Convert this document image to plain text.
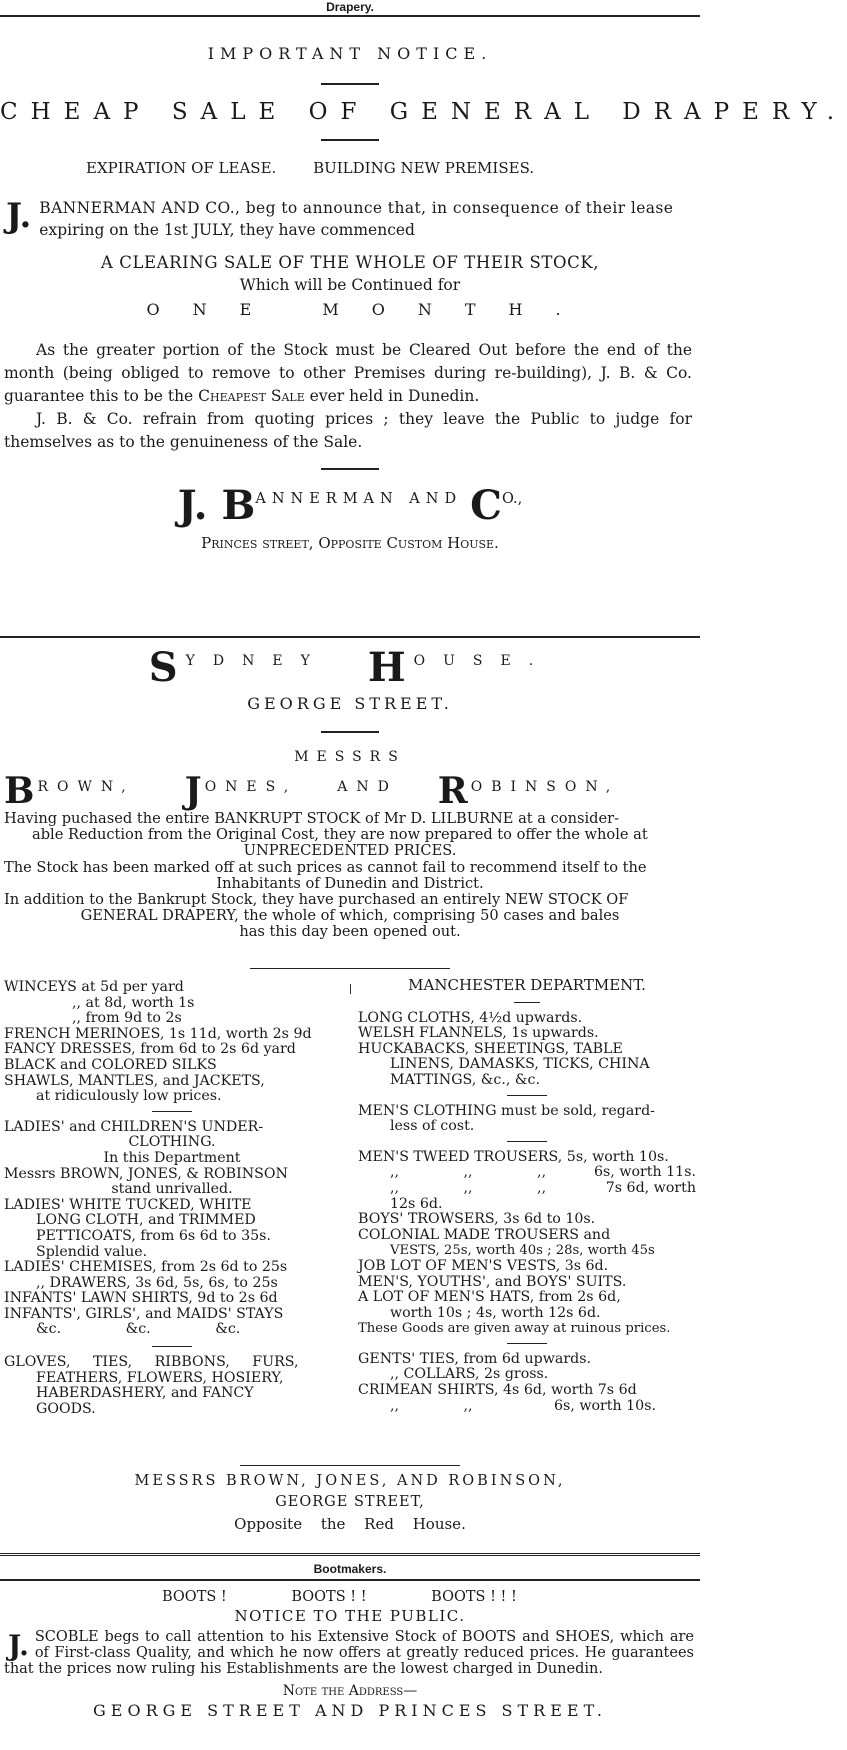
Drapery.
IMPORTANT NOTICE.
CHEAP SALE OF GENERAL DRAPERY.
EXPIRATION OF LEASE. BUILDING NEW PREMISES.
J. BANNERMAN AND CO., beg to announce that, in consequence of their lease
expiring on the 1st JULY, they have commenced
A CLEARING SALE OF THE WHOLE OF THEIR STOCK,
Which will be Continued for
ONE MONTH.

As the greater portion of the Stock must be Cleared Out before the end of the month (being obliged to remove to other Premises during re-building), J. B. & Co. guarantee this to be the Cheapest Sale ever held in Dunedin.

J. B. & Co. refrain from quoting prices ; they leave the Public to judge for themselves as to the genuineness of the Sale.

J. BANNERMAN AND CO.,
Princes street, Opposite Custom House.
SYDNEY H OUSE.
GEORGE STREET.
MESSRS
BROWN, J ONES,	AND R OBINSON,
Having puchased the entire BANKRUPT STOCK of Mr D. LILBURNE at a consider-
able Reduction from the Original Cost, they are now prepared to offer the whole at
UNPRECEDENTED PRICES.
The Stock has been marked off at such prices as cannot fail to recommend itself to the
Inhabitants of Dunedin and District.
In addition to the Bankrupt Stock, they have purchased an entirely NEW STOCK OF
GENERAL DRAPERY, the whole of which, comprising 50 cases and bales
has this day been opened out.

WINCEYS at 5d per yard

,, at 8d, worth 1s

,, from 9d to 2s

FRENCH MERINOES, 1s 11d, worth 2s 9d

FANCY DRESSES, from 6d to 2s 6d yard

BLACK and COLORED SILKS

SHAWLS, MANTLES, and JACKETS,

at ridiculously low prices.

LADIES' and CHILDREN'S UNDER-

CLOTHING.

In this Department

Messrs BROWN, JONES, & ROBINSON

stand unrivalled.

LADIES' WHITE TUCKED, WHITE

LONG CLOTH, and TRIMMED

PETTICOATS, from 6s 6d to 35s.

Splendid value.

LADIES' CHEMISES, from 2s 6d to 25s

,, DRAWERS, 3s 6d, 5s, 6s, to 25s

INFANTS' LAWN SHIRTS, 9d to 2s 6d

INFANTS', GIRLS', and MAIDS' STAYS

&c. &c. &c.

GLOVES, TIES, RIBBONS, FURS,

FEATHERS, FLOWERS, HOSIERY,

HABERDASHERY, and FANCY

GOODS.

MANCHESTER DEPARTMENT.

LONG CLOTHS, 4½d upwards.

WELSH FLANNELS, 1s upwards.

HUCKABACKS, SHEETINGS, TABLE

LINENS, DAMASKS, TICKS, CHINA

MATTINGS, &c., &c.

MEN'S CLOTHING must be sold, regard-

less of cost.

MEN'S TWEED TROUSERS, 5s, worth 10s.

,, ,, ,,	6s, worth 11s.

,, ,, ,,	7s 6d, worth

12s 6d.

BOYS' TROWSERS, 3s 6d to 10s.

COLONIAL MADE TROUSERS and

VESTS, 25s, worth 40s ; 28s, worth 45s

JOB LOT OF MEN'S VESTS, 3s 6d.

MEN'S, YOUTHS', and BOYS' SUITS.

A LOT OF MEN'S HATS, from 2s 6d,

worth 10s ; 4s, worth 12s 6d.

These Goods are given away at ruinous prices.

GENTS' TIES, from 6d upwards.

,, COLLARS, 2s gross.

CRIMEAN SHIRTS, 4s 6d, worth 7s 6d

,, ,,	6s, worth 10s.

MESSRS BROWN, JONES, AND ROBINSON,
GEORGE STREET,
Opposite the Red House.
Bootmakers.
BOOTS !	BOOTS ! !	BOOTS ! ! !
NOTICE TO THE PUBLIC.
J. SCOBLE begs to call attention to his Extensive Stock of BOOTS and SHOES, which are of First-class Quality, and which he now offers at greatly reduced prices. He guarantees that the prices now ruling his Establishments are the lowest charged in Dunedin.
Note the Address—
GEORGE STREET AND PRINCES STREET.
